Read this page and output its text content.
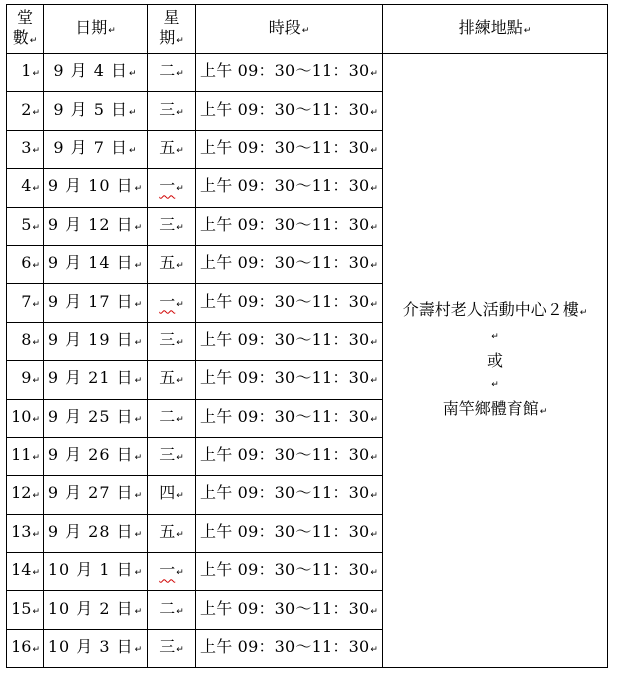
堂
數↵	日期↵	星
期↵	時段↵	排練地點↵
1↵	9 月 4 日↵	二↵	上午 09：30～11：30↵	介壽村老人活動中心２樓↵
↵
或
↵
南竿鄉體育館↵

2↵	9 月 5 日↵	三↵	上午 09：30～11：30↵	
3↵	9 月 7 日↵	五↵	上午 09：30～11：30↵	
4↵	9 月 10 日↵	一↵	上午 09：30～11：30↵	
5↵	9 月 12 日↵	三↵	上午 09：30～11：30↵	
6↵	9 月 14 日↵	五↵	上午 09：30～11：30↵	
7↵	9 月 17 日↵	一↵	上午 09：30～11：30↵	
8↵	9 月 19 日↵	三↵	上午 09：30～11：30↵	
9↵	9 月 21 日↵	五↵	上午 09：30～11：30↵	
10↵	9 月 25 日↵	二↵	上午 09：30～11：30↵	
11↵	9 月 26 日↵	三↵	上午 09：30～11：30↵	
12↵	9 月 27 日↵	四↵	上午 09：30～11：30↵	
13↵	9 月 28 日↵	五↵	上午 09：30～11：30↵	
14↵	10 月 1 日↵	一↵	上午 09：30～11：30↵	
15↵	10 月 2 日↵	二↵	上午 09：30～11：30↵	
16↵	10 月 3 日↵	三↵	上午 09：30～11：30↵	
